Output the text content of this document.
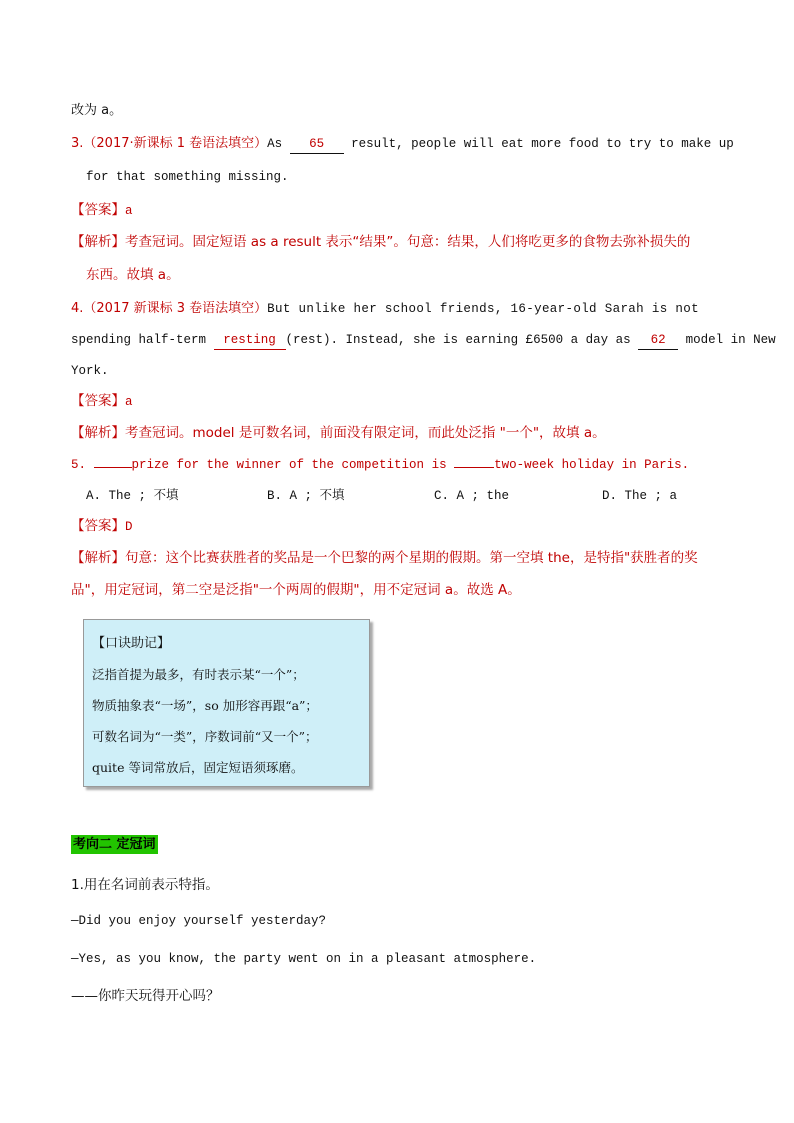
改为 a。
3.（2017·新课标 1 卷语法填空）As 65 result, people will eat more food to try to make up
for that something missing.
【答案】a
【解析】考查冠词。固定短语 as a result 表示“结果”。句意：结果，人们将吃更多的食物去弥补损失的
东西。故填 a。
4.（2017 新课标 3 卷语法填空）But unlike her school friends, 16-year-old Sarah is not
spending half-term resting (rest). Instead, she is earning £6500 a day as 62 model in New
York.
【答案】a
【解析】考查冠词。model 是可数名词，前面没有限定词，而此处泛指 "一个"，故填 a。
5.	prize for the winner of the competition is	two-week holiday in Paris.
A. The ; 不填	B. A ; 不填	C. A ; the	D. The ; a
【答案】D
【解析】句意：这个比赛获胜者的奖品是一个巴黎的两个星期的假期。第一空填 the，是特指"获胜者的奖
品"，用定冠词，第二空是泛指"一个两周的假期"，用不定冠词 a。故选 A。
【口诀助记】
泛指首提为最多，有时表示某“一个”；
物质抽象表“一场”，so 加形容再跟“a”；
可数名词为“一类”，序数词前“又一个”；
quite 等词常放后，固定短语须琢磨。
考向二 定冠词
1.用在名词前表示特指。
—Did you enjoy yourself yesterday?
—Yes, as you know, the party went on in a pleasant atmosphere.
——你昨天玩得开心吗？
